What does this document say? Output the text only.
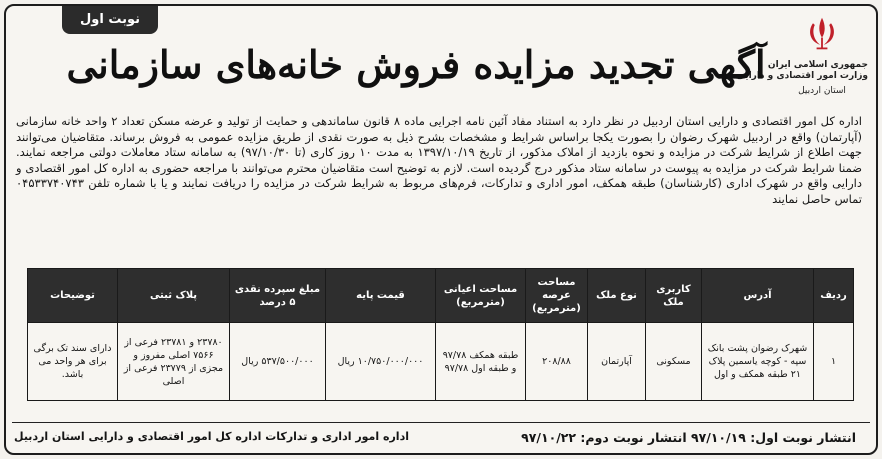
نوبت اول
جمهوری اسلامی ایران
وزارت امور اقتصادی و دارایی
استان اردبیل
آگهی تجدید مزایده فروش خانه‌های سازمانی

اداره کل امور اقتصادی و دارایی استان اردبیل در نظر دارد به استناد مفاد آئین نامه اجرایی ماده ۸ قانون ساماندهی و حمایت از تولید و عرضه مسکن تعداد ۲ واحد خانه سازمانی (آپارتمان) واقع در اردبیل شهرک رضوان را بصورت یکجا براساس شرایط و مشخصات بشرح ذیل به صورت نقدی از طریق مزایده عمومی به فروش برساند. متقاضیان می‌توانند جهت اطلاع از شرایط شرکت در مزایده و نحوه بازدید از املاک مذکور، از تاریخ ۱۳۹۷/۱۰/۱۹ به مدت ۱۰ روز کاری (تا ۹۷/۱۰/۳۰) به سامانه ستاد معاملات دولتی مراجعه نمایند. ضمنا شرایط شرکت در مزایده به پیوست در سامانه ستاد مذکور درج گردیده است. لازم به توضیح است متقاضیان محترم می‌توانند با مراجعه حضوری به اداره کل امور اقتصادی و دارایی واقع در شهرک اداری (کارشناسان) طبقه همکف، امور اداری و تدارکات، فرم‌های مربوط به شرایط شرکت در مزایده را دریافت نمایند و یا با شماره تلفن ۰۴۵۳۳۷۴۰۷۴۳ تماس حاصل نمایند

ردیف	آدرس	کاربری ملک	نوع ملک	مساحت عرصه (مترمربع)	مساحت اعیانی (مترمربع)	قیمت پایه	مبلغ سپرده نقدی ۵ درصد	پلاک ثبتی	توضیحات
۱	شهرک رضوان پشت بانک سپه - کوچه یاسمین پلاک ۲۱ طبقه همکف و اول	مسکونی	آپارتمان	۲۰۸/۸۸	طبقه همکف ۹۷/۷۸ و طبقه اول ۹۷/۷۸	۱۰/۷۵۰/۰۰۰/۰۰۰ ریال	۵۳۷/۵۰۰/۰۰۰ ریال	۲۳۷۸۰ و ۲۳۷۸۱ فرعی از ۷۵۶۶ اصلی مفروز و مجزی از ۲۳۷۷۹ فرعی از اصلی	دارای سند تک برگی برای هر واحد می باشد.
انتشار نوبت اول: ۹۷/۱۰/۱۹ انتشار نوبت دوم: ۹۷/۱۰/۲۲
اداره امور اداری و تدارکات اداره کل امور اقتصادی و دارایی استان اردبیل
